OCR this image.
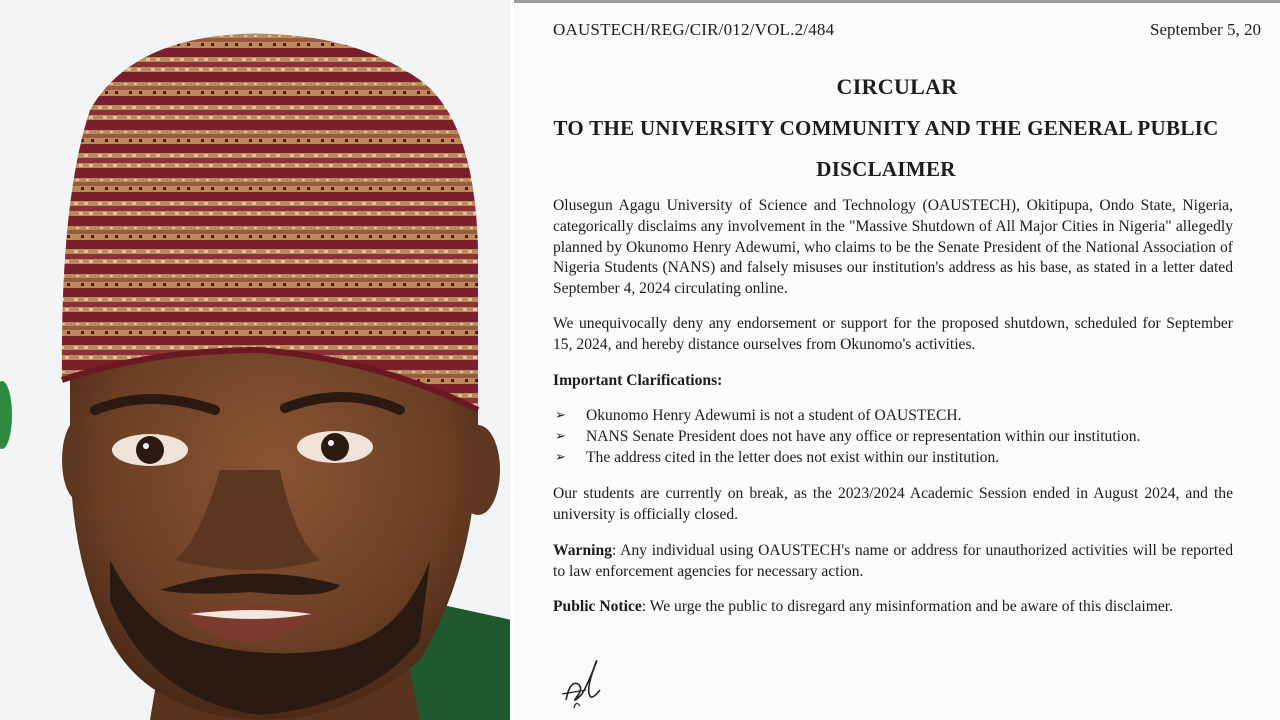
OAUSTECH/REG/CIR/012/VOL.2/484	September 5, 20
CIRCULAR
TO THE UNIVERSITY COMMUNITY AND THE GENERAL PUBLIC
DISCLAIMER
Olusegun Agagu University of Science and Technology (OAUSTECH), Okitipupa, Ondo State, Nigeria, categorically disclaims any involvement in the "Massive Shutdown of All Major Cities in Nigeria" allegedly planned by Okunomo Henry Adewumi, who claims to be the Senate President of the National Association of Nigeria Students (NANS) and falsely misuses our institution's address as his base, as stated in a letter dated September 4, 2024 circulating online.
We unequivocally deny any endorsement or support for the proposed shutdown, scheduled for September 15, 2024, and hereby distance ourselves from Okunomo's activities.
Important Clarifications:
➢ Okunomo Henry Adewumi is not a student of OAUSTECH.
➢ NANS Senate President does not have any office or representation within our institution.
➢ The address cited in the letter does not exist within our institution.
Our students are currently on break, as the 2023/2024 Academic Session ended in August 2024, and the university is officially closed.
Warning: Any individual using OAUSTECH's name or address for unauthorized activities will be reported to law enforcement agencies for necessary action.
Public Notice: We urge the public to disregard any misinformation and be aware of this disclaimer.
